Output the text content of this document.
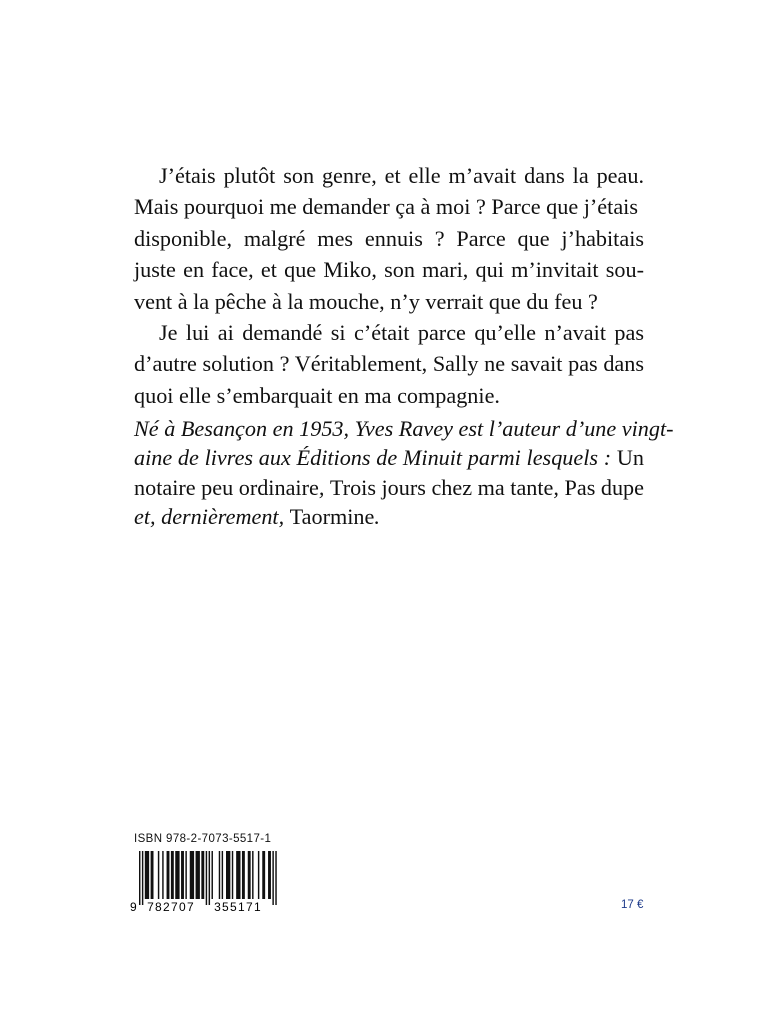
J’étais plutôt son genre, et elle m’avait dans la peau.
Mais pourquoi me demander ça à moi ? Parce que j’étais
disponible, malgré mes ennuis ? Parce que j’habitais
juste en face, et que Miko, son mari, qui m’invitait sou-
vent à la pêche à la mouche, n’y verrait que du feu ?
Je lui ai demandé si c’était parce qu’elle n’avait pas
d’autre solution ? Véritablement, Sally ne savait pas dans
quoi elle s’embarquait en ma compagnie.
Né à Besançon en 1953, Yves Ravey est l’auteur d’une vingt-
aine de livres aux Éditions de Minuit parmi lesquels : Un
notaire peu ordinaire, Trois jours chez ma tante, Pas dupe
et, dernièrement, Taormine.
ISBN 978-2-7073-5517-1
9 782707 355171	17 €
